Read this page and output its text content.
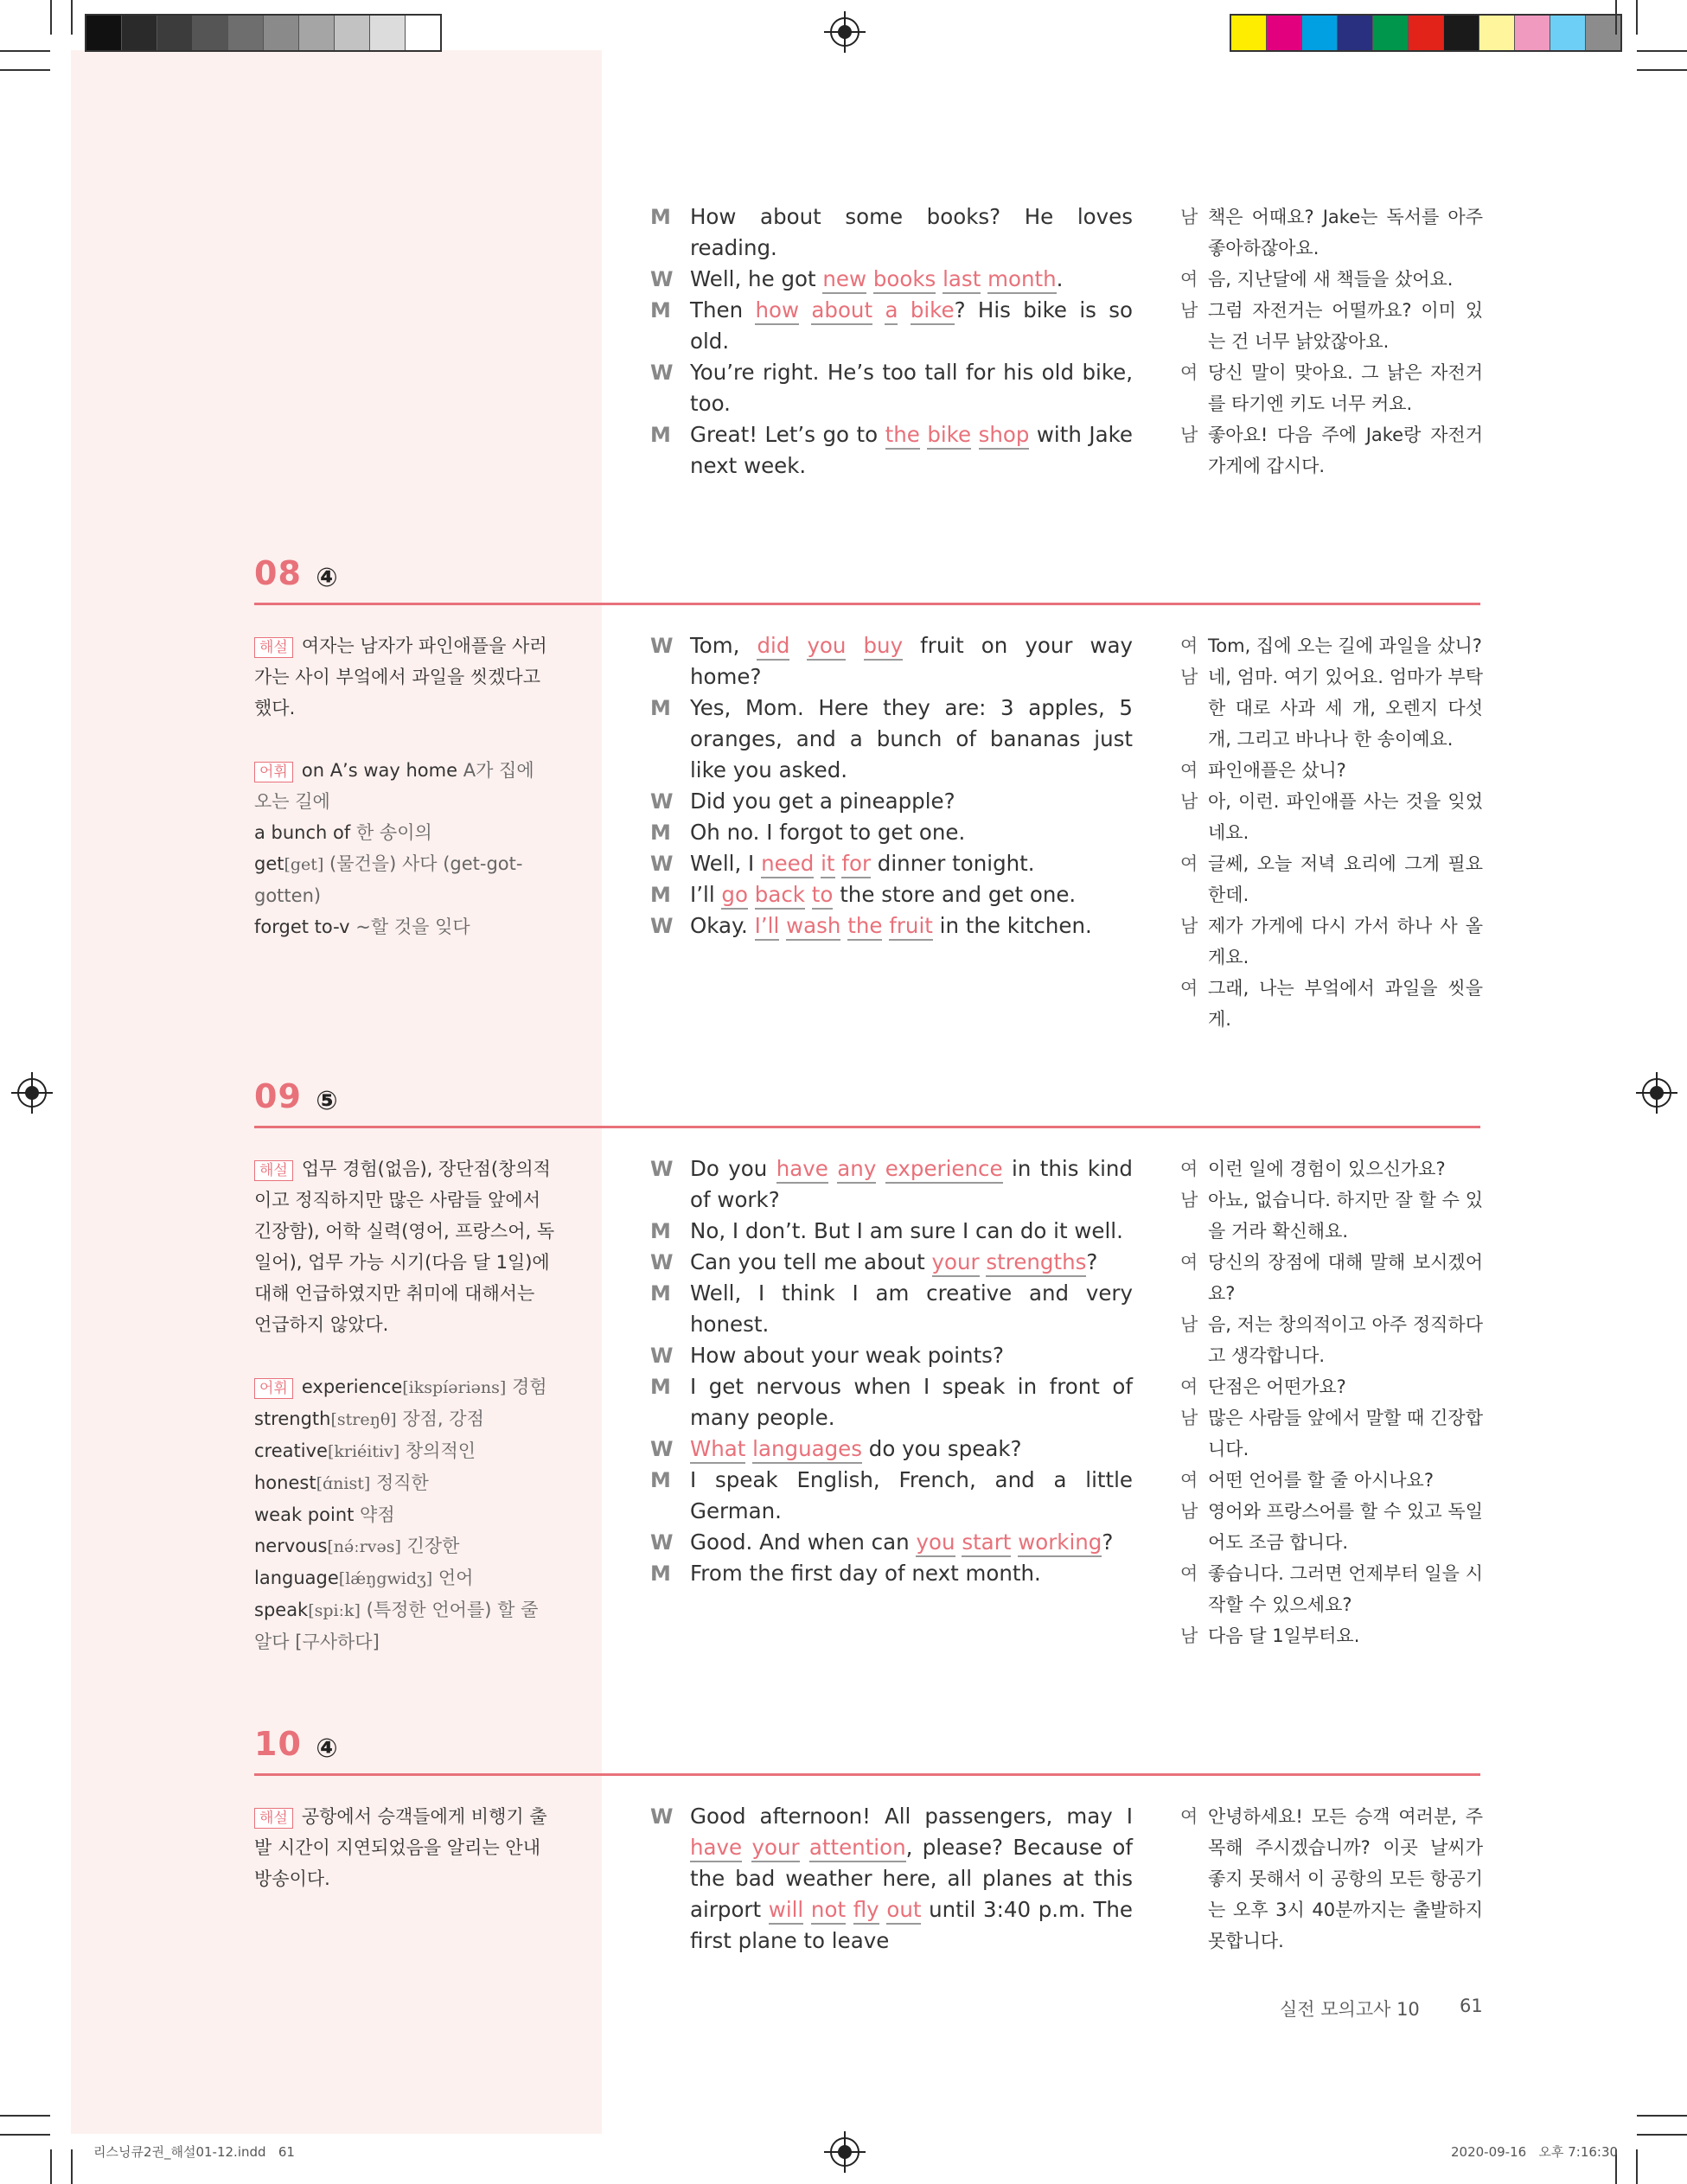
M How about some books? He loves reading.
W Well, he got new books last month.
M Then how about a bike? His bike is so old.
W You’re right. He’s too tall for his old bike, too.
M Great! Let’s go to the bike shop with Jake next week.
남 책은 어때요? Jake는 독서를 아주 좋아하잖아요.
여 음, 지난달에 새 책들을 샀어요.
남 그럼 자전거는 어떨까요? 이미 있는 건 너무 낡았잖아요.
여 당신 말이 맞아요. 그 낡은 자전거를 타기엔 키도 너무 커요.
남 좋아요! 다음 주에 Jake랑 자전거 가게에 갑시다.
08 ④
해설 여자는 남자가 파인애플을 사러 가는 사이 부엌에서 과일을 씻겠다고 했다.
어휘 on A’s way home A가 집에 오는 길에
a bunch of 한 송이의
get[get] (물건을) 사다 (get-got-gotten)
forget to-v ~할 것을 잊다
W Tom, did you buy fruit on your way home?
M Yes, Mom. Here they are: 3 apples, 5 oranges, and a bunch of bananas just like you asked.
W Did you get a pineapple?
M Oh no. I forgot to get one.
W Well, I need it for dinner tonight.
M I’ll go back to the store and get one.
W Okay. I’ll wash the fruit in the kitchen.
여 Tom, 집에 오는 길에 과일을 샀니?
남 네, 엄마. 여기 있어요. 엄마가 부탁한 대로 사과 세 개, 오렌지 다섯 개, 그리고 바나나 한 송이예요.
여 파인애플은 샀니?
남 아, 이런. 파인애플 사는 것을 잊었네요.
여 글쎄, 오늘 저녁 요리에 그게 필요한데.
남 제가 가게에 다시 가서 하나 사 올게요.
여 그래, 나는 부엌에서 과일을 씻을게.
09 ⑤
해설 업무 경험(없음), 장단점(창의적이고 정직하지만 많은 사람들 앞에서 긴장함), 어학 실력(영어, 프랑스어, 독일어), 업무 가능 시기(다음 달 1일)에 대해 언급하였지만 취미에 대해서는 언급하지 않았다.
어휘 experience[ikspíəriəns] 경험
strength[streŋθ] 장점, 강점
creative[kriéitiv] 창의적인
honest[ɑ́nist] 정직한
weak point 약점
nervous[nə́ːrvəs] 긴장한
language[lǽŋgwidʒ] 언어
speak[spiːk] (특정한 언어를) 할 줄 알다 [구사하다]
W Do you have any experience in this kind of work?
M No, I don’t. But I am sure I can do it well.
W Can you tell me about your strengths?
M Well, I think I am creative and very honest.
W How about your weak points?
M I get nervous when I speak in front of many people.
W What languages do you speak?
M I speak English, French, and a little German.
W Good. And when can you start working?
M From the first day of next month.
여 이런 일에 경험이 있으신가요?
남 아뇨, 없습니다. 하지만 잘 할 수 있을 거라 확신해요.
여 당신의 장점에 대해 말해 보시겠어요?
남 음, 저는 창의적이고 아주 정직하다고 생각합니다.
여 단점은 어떤가요?
남 많은 사람들 앞에서 말할 때 긴장합니다.
여 어떤 언어를 할 줄 아시나요?
남 영어와 프랑스어를 할 수 있고 독일어도 조금 합니다.
여 좋습니다. 그러면 언제부터 일을 시작할 수 있으세요?
남 다음 달 1일부터요.
10 ④
해설 공항에서 승객들에게 비행기 출발 시간이 지연되었음을 알리는 안내 방송이다.
W Good afternoon! All passengers, may I have your attention, please? Because of the bad weather here, all planes at this airport will not fly out until 3:40 p.m. The first plane to leave
여 안녕하세요! 모든 승객 여러분, 주목해 주시겠습니까? 이곳 날씨가 좋지 못해서 이 공항의 모든 항공기는 오후 3시 40분까지는 출발하지 못합니다.
실전 모의고사 10 61
리스닝큐2권_해설01-12.indd   61	2020-09-16   오후 7:16:30
